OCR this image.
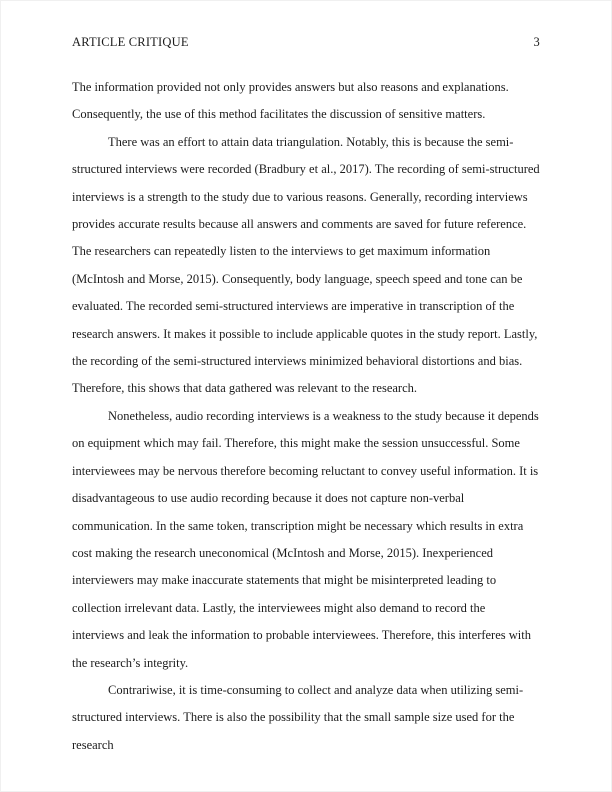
ARTICLE CRITIQUE	3

The information provided not only provides answers but also reasons and explanations. Consequently, the use of this method facilitates the discussion of sensitive matters.

There was an effort to attain data triangulation. Notably, this is because the semi-structured interviews were recorded (Bradbury et al., 2017). The recording of semi-structured interviews is a strength to the study due to various reasons. Generally, recording interviews provides accurate results because all answers and comments are saved for future reference. The researchers can repeatedly listen to the interviews to get maximum information (McIntosh and Morse, 2015). Consequently, body language, speech speed and tone can be evaluated. The recorded semi-structured interviews are imperative in transcription of the research answers. It makes it possible to include applicable quotes in the study report. Lastly, the recording of the semi-structured interviews minimized behavioral distortions and bias. Therefore, this shows that data gathered was relevant to the research.

Nonetheless, audio recording interviews is a weakness to the study because it depends on equipment which may fail. Therefore, this might make the session unsuccessful. Some interviewees may be nervous therefore becoming reluctant to convey useful information. It is disadvantageous to use audio recording because it does not capture non-verbal communication. In the same token, transcription might be necessary which results in extra cost making the research uneconomical (McIntosh and Morse, 2015). Inexperienced interviewers may make inaccurate statements that might be misinterpreted leading to collection irrelevant data. Lastly, the interviewees might also demand to record the interviews and leak the information to probable interviewees. Therefore, this interferes with the research’s integrity.

Contrariwise, it is time-consuming to collect and analyze data when utilizing semi-structured interviews. There is also the possibility that the small sample size used for the research
